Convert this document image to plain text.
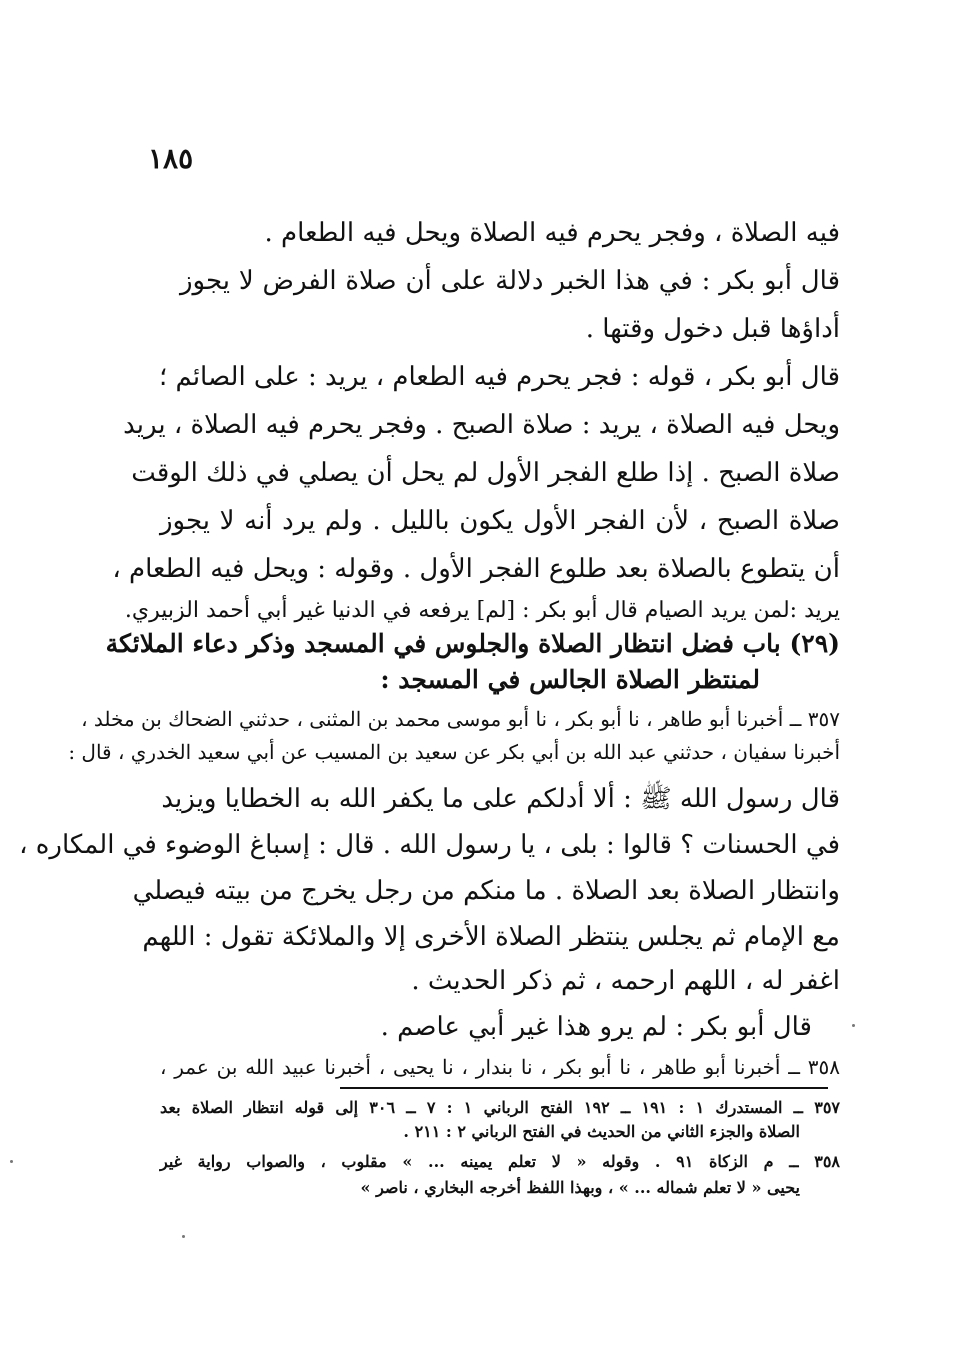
١٨٥
فيه الصلاة ، وفجر يحرم فيه الصلاة ويحل فيه الطعام .
قال أبو بكر : في هذا الخبر دلالة على أن صلاة الفرض لا يجوز
أداؤها قبل دخول وقتها .
قال أبو بكر ، قوله : فجر يحرم فيه الطعام ، يريد : على الصائم ؛
ويحل فيه الصلاة ، يريد : صلاة الصبح . وفجر يحرم فيه الصلاة ، يريد
صلاة الصبح . إذا طلع الفجر الأول لم يحل أن يصلي في ذلك الوقت
صلاة الصبح ، لأن الفجر الأول يكون بالليل . ولم يرد أنه لا يجوز
أن يتطوع بالصلاة بعد طلوع الفجر الأول . وقوله : ويحل فيه الطعام ،
يريد :لمن يريد الصيام قال أبو بكر : [لم] يرفعه في الدنيا غير أبي أحمد الزبيري.
(٢٩) باب فضل انتظار الصلاة والجلوس في المسجد وذكر دعاء الملائكة
لمنتظر الصلاة الجالس في المسجد :
٣٥٧ ــ أخبرنا أبو طاهر ، نا أبو بكر ، نا أبو موسى محمد بن المثنى ، حدثني الضحاك بن مخلد ،
أخبرنا سفيان ، حدثني عبد الله بن أبي بكر عن سعيد بن المسيب عن أبي سعيد الخدري ، قال :
قال رسول الله ﷺ : ألا أدلكم على ما يكفر الله به الخطايا ويزيد
في الحسنات ؟ قالوا : بلى ، يا رسول الله . قال : إسباغ الوضوء في المكاره ،
وانتظار الصلاة بعد الصلاة . ما منكم من رجل يخرج من بيته فيصلي
مع الإمام ثم يجلس ينتظر الصلاة الأخرى إلا والملائكة تقول : اللهم
اغفر له ، اللهم ارحمه ، ثم ذكر الحديث .
قال أبو بكر : لم يرو هذا غير أبي عاصم .
٣٥٨ ــ أخبرنا أبو طاهر ، نا أبو بكر ، نا بندار ، نا يحيى ، أخبرنا عبيد الله بن عمر ،
٣٥٧ ــ المستدرك ١ : ١٩١ ــ ١٩٢ الفتح الرباني ١ : ٧ ــ ٣٠٦ إلى قوله انتظار الصلاة بعد
الصلاة والجزء الثاني من الحديث في الفتح الرباني ٢ : ٢١١ .
٣٥٨ ــ م الزكاة ٩١ . وقوله « لا تعلم يمينه ... » مقلوب ، والصواب رواية غير
يحيى « لا تعلم شماله ... » ، وبهذا اللفظ أخرجه البخاري ، ناصر »
